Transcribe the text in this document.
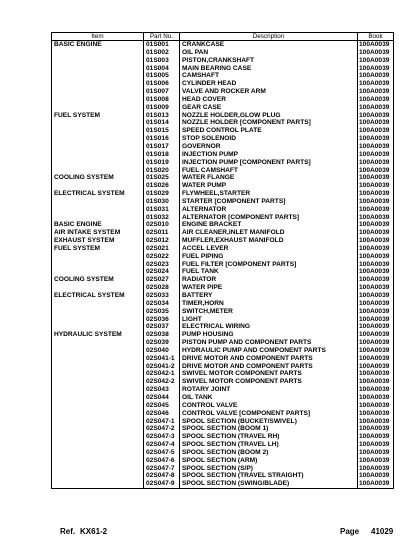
Item	Part No.	Description	Book
BASIC ENGINE	01S001	CRANKCASE	100A0039
	01S002	OIL PAN	100A0039
	01S003	PISTON,CRANKSHAFT	100A0039
	01S004	MAIN BEARING CASE	100A0039
	01S005	CAMSHAFT	100A0039
	01S006	CYLINDER HEAD	100A0039
	01S007	VALVE AND ROCKER ARM	100A0039
	01S008	HEAD COVER	100A0039
	01S009	GEAR CASE	100A0039
FUEL SYSTEM	01S013	NOZZLE HOLDER,GLOW PLUG	100A0039
	01S014	NOZZLE HOLDER [COMPONENT PARTS]	100A0039
	01S015	SPEED CONTROL PLATE	100A0039
	01S016	STOP SOLENOID	100A0039
	01S017	GOVERNOR	100A0039
	01S018	INJECTION PUMP	100A0039
	01S019	INJECTION PUMP [COMPONENT PARTS]	100A0039
	01S020	FUEL CAMSHAFT	100A0039
COOLING SYSTEM	01S025	WATER FLANGE	100A0039
	01S026	WATER PUMP	100A0039
ELECTRICAL SYSTEM	01S029	FLYWHEEL,STARTER	100A0039
	01S030	STARTER [COMPONENT PARTS]	100A0039
	01S031	ALTERNATOR	100A0039
	01S032	ALTERNATOR [COMPONENT PARTS]	100A0039
BASIC ENGINE	02S010	ENGINE BRACKET	100A0039
AIR INTAKE SYSTEM	02S011	AIR CLEANER,INLET MANIFOLD	100A0039
EXHAUST SYSTEM	02S012	MUFFLER,EXHAUST MANIFOLD	100A0039
FUEL SYSTEM	02S021	ACCEL LEVER	100A0039
	02S022	FUEL PIPING	100A0039
	02S023	FUEL FILTER [COMPONENT PARTS]	100A0039
	02S024	FUEL TANK	100A0039
COOLING SYSTEM	02S027	RADIATOR	100A0039
	02S028	WATER PIPE	100A0039
ELECTRICAL SYSTEM	02S033	BATTERY	100A0039
	02S034	TIMER,HORN	100A0039
	02S035	SWITCH,METER	100A0039
	02S036	LIGHT	100A0039
	02S037	ELECTRICAL WIRING	100A0039
HYDRAULIC SYSTEM	02S038	PUMP HOUSING	100A0039
	02S039	PISTON PUMP AND COMPONENT PARTS	100A0039
	02S040	HYDRAULIC PUMP AND COMPONENT PARTS	100A0039
	02S041-1	DRIVE MOTOR AND COMPONENT PARTS	100A0039
	02S041-2	DRIVE MOTOR AND COMPONENT PARTS	100A0039
	02S042-1	SWIVEL MOTOR COMPONENT PARTS	100A0039
	02S042-2	SWIVEL MOTOR COMPONENT PARTS	100A0039
	02S043	ROTARY JOINT	100A0039
	02S044	OIL TANK	100A0039
	02S045	CONTROL VALVE	100A0039
	02S046	CONTROL VALVE [COMPONENT PARTS]	100A0039
	02S047-1	SPOOL SECTION (BUCKET/SWIVEL)	100A0039
	02S047-2	SPOOL SECTION (BOOM 1)	100A0039
	02S047-3	SPOOL SECTION (TRAVEL RH)	100A0039
	02S047-4	SPOOL SECTION (TRAVEL LH)	100A0039
	02S047-5	SPOOL SECTION (BOOM 2)	100A0039
	02S047-6	SPOOL SECTION (ARM)	100A0039
	02S047-7	SPOOL SECTION (S/P)	100A0039
	02S047-8	SPOOL SECTION (TRAVEL STRAIGHT)	100A0039
	02S047-9	SPOOL SECTION (SWING/BLADE)	100A0039
Ref. KX61-2	Page 41029
